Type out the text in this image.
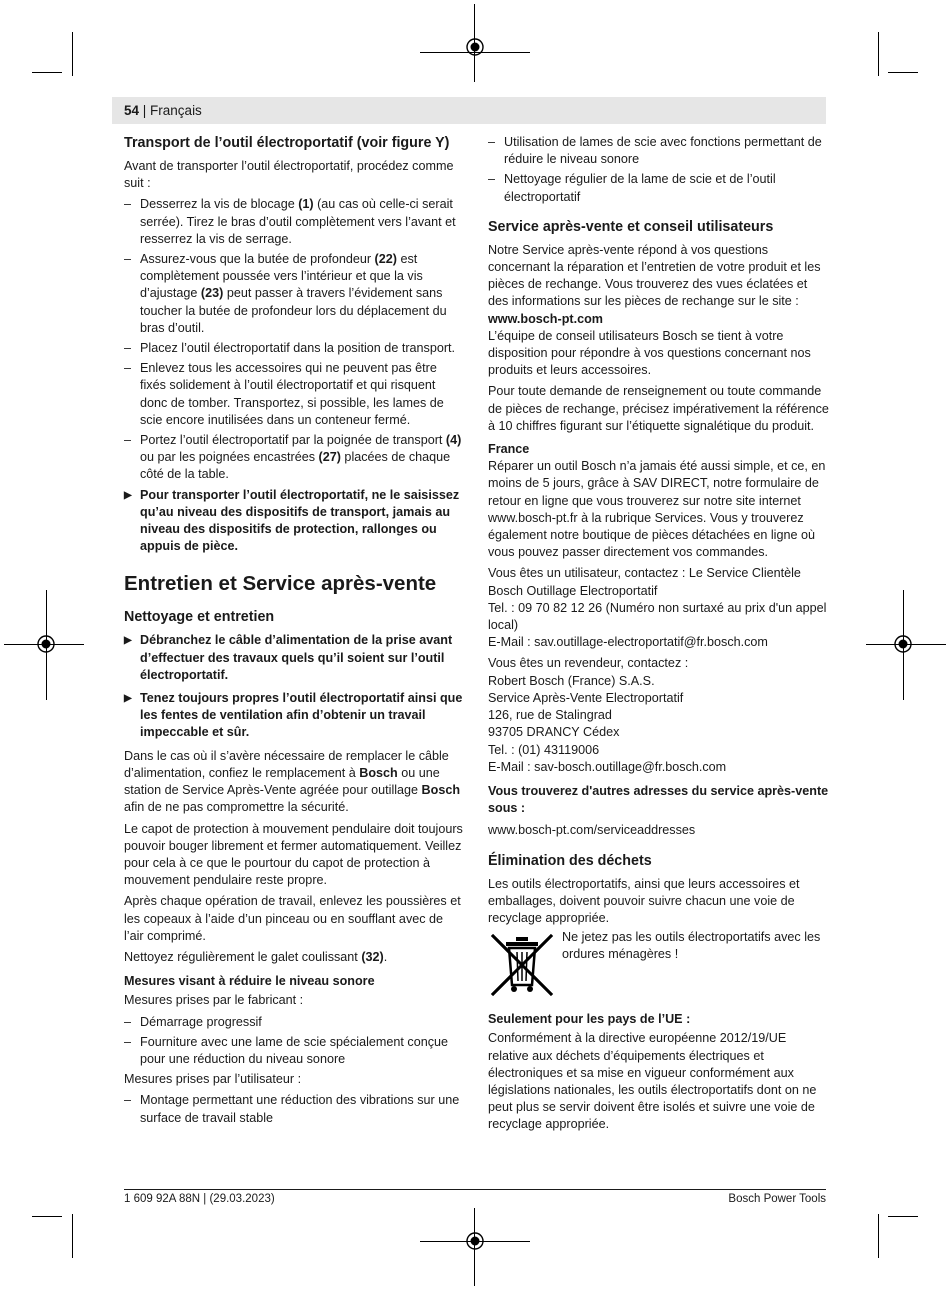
54 | Français
Transport de l’outil électroportatif (voir figure Y)

Avant de transporter l’outil électroportatif, procédez comme suit :

– Desserrez la vis de blocage (1) (au cas où celle-ci serait serrée). Tirez le bras d’outil complètement vers l’avant et resserrez la vis de serrage.
– Assurez-vous que la butée de profondeur (22) est complètement poussée vers l’intérieur et que la vis d’ajustage (23) peut passer à travers l’évidement sans toucher la butée de profondeur lors du déplacement du bras d’outil.
– Placez l’outil électroportatif dans la position de transport.
– Enlevez tous les accessoires qui ne peuvent pas être fixés solidement à l’outil électroportatif et qui risquent donc de tomber. Transportez, si possible, les lames de scie encore inutilisées dans un conteneur fermé.
– Portez l’outil électroportatif par la poignée de transport (4) ou par les poignées encastrées (27) placées de chaque côté de la table.
▶ Pour transporter l’outil électroportatif, ne le saisissez qu’au niveau des dispositifs de transport, jamais au niveau des dispositifs de protection, rallonges ou appuis de pièce.
Entretien et Service après-vente
Nettoyage et entretien
▶ Débranchez le câble d’alimentation de la prise avant d’effectuer des travaux quels qu’il soient sur l’outil électroportatif.
▶ Tenez toujours propres l’outil électroportatif ainsi que les fentes de ventilation afin d’obtenir un travail impeccable et sûr.

Dans le cas où il s’avère nécessaire de remplacer le câble d’alimentation, confiez le remplacement à Bosch ou une station de Service Après-Vente agréée pour outillage Bosch afin de ne pas compromettre la sécurité.

Le capot de protection à mouvement pendulaire doit toujours pouvoir bouger librement et fermer automatiquement. Veillez pour cela à ce que le pourtour du capot de protection à mouvement pendulaire reste propre.

Après chaque opération de travail, enlevez les poussières et les copeaux à l’aide d’un pinceau ou en soufflant avec de l’air comprimé.

Nettoyez régulièrement le galet coulissant (32).

Mesures visant à réduire le niveau sonore

Mesures prises par le fabricant :

– Démarrage progressif
– Fourniture avec une lame de scie spécialement conçue pour une réduction du niveau sonore

Mesures prises par l’utilisateur :

– Montage permettant une réduction des vibrations sur une surface de travail stable
– Utilisation de lames de scie avec fonctions permettant de réduire le niveau sonore
– Nettoyage régulier de la lame de scie et de l’outil électroportatif
Service après-vente et conseil utilisateurs
Notre Service après-vente répond à vos questions concernant la réparation et l’entretien de votre produit et les pièces de rechange. Vous trouverez des vues éclatées et des informations sur les pièces de rechange sur le site :
www.bosch-pt.com

L’équipe de conseil utilisateurs Bosch se tient à votre disposition pour répondre à vos questions concernant nos produits et leurs accessoires.

Pour toute demande de renseignement ou toute commande de pièces de rechange, précisez impérativement la référence à 10 chiffres figurant sur l’étiquette signalétique du produit.

France

Réparer un outil Bosch n’a jamais été aussi simple, et ce, en moins de 5 jours, grâce à SAV DIRECT, notre formulaire de retour en ligne que vous trouverez sur notre site internet www.bosch-pt.fr à la rubrique Services. Vous y trouverez également notre boutique de pièces détachées en ligne où vous pouvez passer directement vos commandes.

Vous êtes un utilisateur, contactez : Le Service Clientèle
Bosch Outillage Electroportatif
Tel. : 09 70 82 12 26 (Numéro non surtaxé au prix d'un appel local)

E-Mail : sav.outillage-electroportatif@fr.bosch.com

Vous êtes un revendeur, contactez :
Robert Bosch (France) S.A.S.
Service Après-Vente Electroportatif
126, rue de Stalingrad
93705 DRANCY Cédex
Tel. : (01) 43119006
E-Mail : sav-bosch.outillage@fr.bosch.com
Vous trouverez d'autres adresses du service après-vente sous :
www.bosch-pt.com/serviceaddresses
Élimination des déchets
Les outils électroportatifs, ainsi que leurs accessoires et emballages, doivent pouvoir suivre chacun une voie de recyclage appropriée.
Ne jetez pas les outils électroportatifs avec les ordures ménagères !
Seulement pour les pays de l’UE :
Conformément à la directive européenne 2012/19/UE relative aux déchets d’équipements électriques et électroniques et sa mise en vigueur conformément aux législations nationales, les outils électroportatifs dont on ne peut plus se servir doivent être isolés et suivre une voie de recyclage appropriée.
1 609 92A 88N | (29.03.2023)	Bosch Power Tools
